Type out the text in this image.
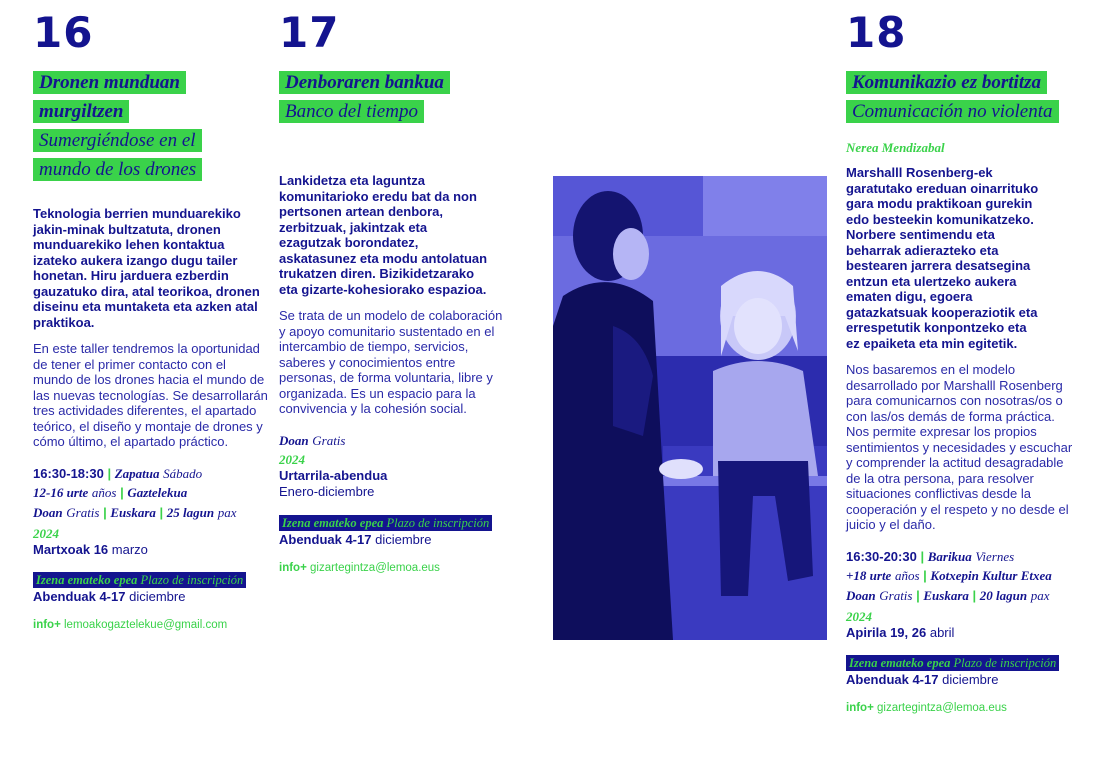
16
Dronen munduan murgiltzen
Sumergiéndose en el mundo de los drones
Teknologia berrien munduarekiko jakin-minak bultzatuta, dronen munduarekiko lehen kontaktua izateko aukera izango dugu tailer honetan. Hiru jarduera ezberdin gauzatuko dira, atal teorikoa, dronen diseinu eta muntaketa eta azken atal praktikoa.
En este taller tendremos la oportunidad de tener el primer contacto con el mundo de los drones hacia el mundo de las nuevas tecnologías. Se desarrollarán tres actividades diferentes, el apartado teórico, el diseño y montaje de drones y cómo último, el apartado práctico.
16:30-18:30 | Zapatua Sábado
12-16 urte años | Gaztelekua
Doan Gratis | Euskara | 25 lagun pax
2024
Martxoak 16 marzo
Izena emateko epea Plazo de inscripción
Abenduak 4-17 diciembre
info+ lemoakogaztelekue@gmail.com
17
Denboraren bankua
Banco del tiempo
Lankidetza eta laguntza komunitarioko eredu bat da non pertsonen artean denbora, zerbitzuak, jakintzak eta ezagutzak borondatez, askatasunez eta modu antolatuan trukatzen diren. Bizikidetzarako eta gizarte-kohesiorako espazioa.
Se trata de un modelo de colaboración y apoyo comunitario sustentado en el intercambio de tiempo, servicios, saberes y conocimientos entre personas, de forma voluntaria, libre y organizada. Es un espacio para la convivencia y la cohesión social.
Doan Gratis
2024
Urtarrila-abendua
Enero-diciembre
Izena emateko epea Plazo de inscripción
Abenduak 4-17 diciembre
info+ gizartegintza@lemoa.eus
18
Komunikazio ez bortitza
Comunicación no violenta
Nerea Mendizabal
Marshalll Rosenberg-ek garatutako ereduan oinarrituko gara modu praktikoan gurekin edo besteekin komunikatzeko. Norbere sentimendu eta beharrak adierazteko eta bestearen jarrera desatsegina entzun eta ulertzeko aukera ematen digu, egoera gatazkatsuak kooperaziotik eta errespetutik konpontzeko eta ez epaiketa eta min egitetik.
Nos basaremos en el modelo desarrollado por Marshalll Rosenberg para comunicarnos con nosotras/os o con las/os demás de forma práctica. Nos permite expresar los propios sentimientos y necesidades y escuchar y comprender la actitud desagradable de la otra persona, para resolver situaciones conflictivas desde la cooperación y el respeto y no desde el juicio y el daño.
16:30-20:30 | Barikua Viernes
+18 urte años | Kotxepin Kultur Etxea
Doan Gratis | Euskara | 20 lagun pax
2024
Apirila 19, 26 abril
Izena emateko epea Plazo de inscripción
Abenduak 4-17 diciembre
info+ gizartegintza@lemoa.eus
